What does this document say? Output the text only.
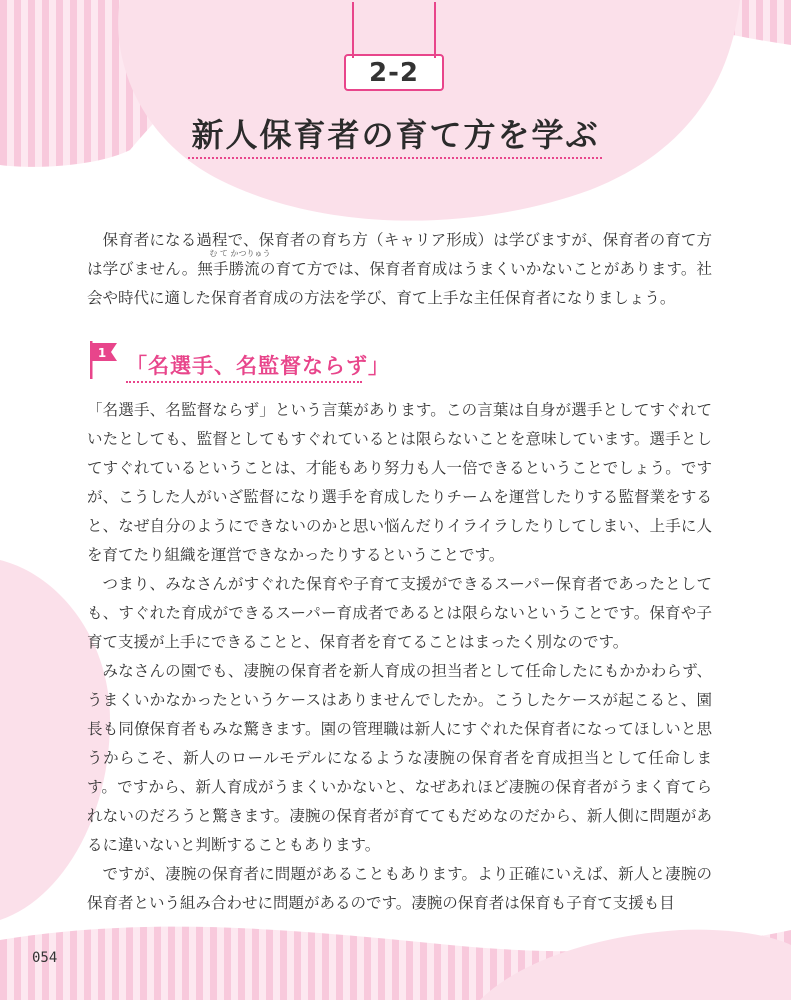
2-2
新人保育者の育て方を学ぶ

保育者になる過程で、保育者の育ち方（キャリア形成）は学びますが、保育者の育て方は学びません。
む て かつりゅう
無手勝流の育て方では、保育者育成はうまくいかないことがあります。社会や時代に適した保育者育成の方法を学び、育て上手な主任保育者になりましょう。

1
「名選手、名監督ならず」

「名選手、名監督ならず」という言葉があります。この言葉は自身が選手としてすぐれていたとしても、監督としてもすぐれているとは限らないことを意味しています。選手としてすぐれているということは、才能もあり努力も人一倍できるということでしょう。ですが、こうした人がいざ監督になり選手を育成したりチームを運営したりする監督業をすると、なぜ自分のようにできないのかと思い悩んだりイライラしたりしてしまい、上手に人を育てたり組織を運営できなかったりするということです。

つまり、みなさんがすぐれた保育や子育て支援ができるスーパー保育者であったとしても、すぐれた育成ができるスーパー育成者であるとは限らないということです。保育や子育て支援が上手にできることと、保育者を育てることはまったく別なのです。

みなさんの園でも、凄腕の保育者を新人育成の担当者として任命したにもかかわらず、うまくいかなかったというケースはありませんでしたか。こうしたケースが起こると、園長も同僚保育者もみな驚きます。園の管理職は新人にすぐれた保育者になってほしいと思うからこそ、新人のロールモデルになるような凄腕の保育者を育成担当として任命します。ですから、新人育成がうまくいかないと、なぜあれほど凄腕の保育者がうまく育てられないのだろうと驚きます。凄腕の保育者が育ててもだめなのだから、新人側に問題があるに違いないと判断することもあります。

ですが、凄腕の保育者に問題があることもあります。より正確にいえば、新人と凄腕の保育者という組み合わせに問題があるのです。凄腕の保育者は保育も子育て支援も目

054
